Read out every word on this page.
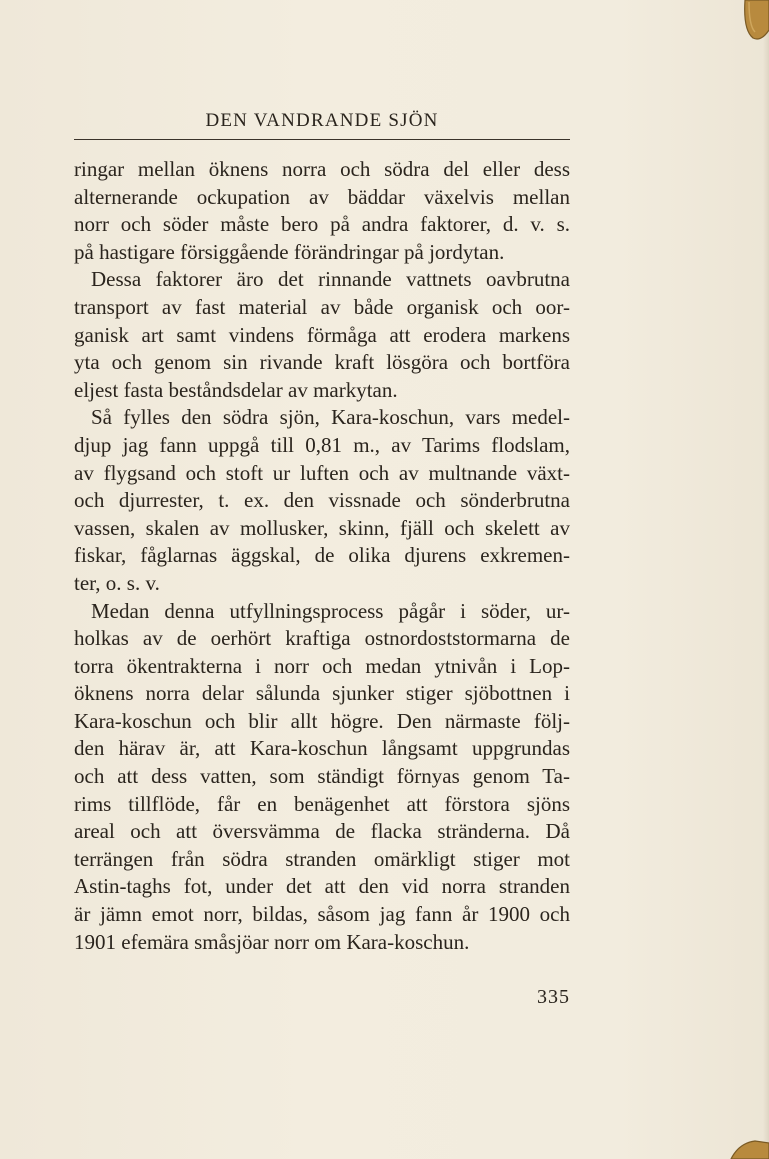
DEN VANDRANDE SJÖN
ringar mellan öknens norra och södra del eller dess
alternerande ockupation av bäddar växelvis mellan
norr och söder måste bero på andra faktorer, d. v. s.
på hastigare försiggående förändringar på jordytan.
Dessa faktorer äro det rinnande vattnets oavbrutna
transport av fast material av både organisk och oor-
ganisk art samt vindens förmåga att erodera markens
yta och genom sin rivande kraft lösgöra och bortföra
eljest fasta beståndsdelar av markytan.
Så fylles den södra sjön, Kara-koschun, vars medel-
djup jag fann uppgå till 0,81 m., av Tarims flodslam,
av flygsand och stoft ur luften och av multnande växt-
och djurrester, t. ex. den vissnade och sönderbrutna
vassen, skalen av mollusker, skinn, fjäll och skelett av
fiskar, fåglarnas äggskal, de olika djurens exkremen-
ter, o. s. v.
Medan denna utfyllningsprocess pågår i söder, ur-
holkas av de oerhört kraftiga ostnordoststormarna de
torra ökentrakterna i norr och medan ytnivån i Lop-
öknens norra delar sålunda sjunker stiger sjöbottnen i
Kara-koschun och blir allt högre. Den närmaste följ-
den härav är, att Kara-koschun långsamt uppgrundas
och att dess vatten, som ständigt förnyas genom Ta-
rims tillflöde, får en benägenhet att förstora sjöns
areal och att översvämma de flacka stränderna. Då
terrängen från södra stranden omärkligt stiger mot
Astin-taghs fot, under det att den vid norra stranden
är jämn emot norr, bildas, såsom jag fann år 1900 och
1901 efemära småsjöar norr om Kara-koschun.
335
